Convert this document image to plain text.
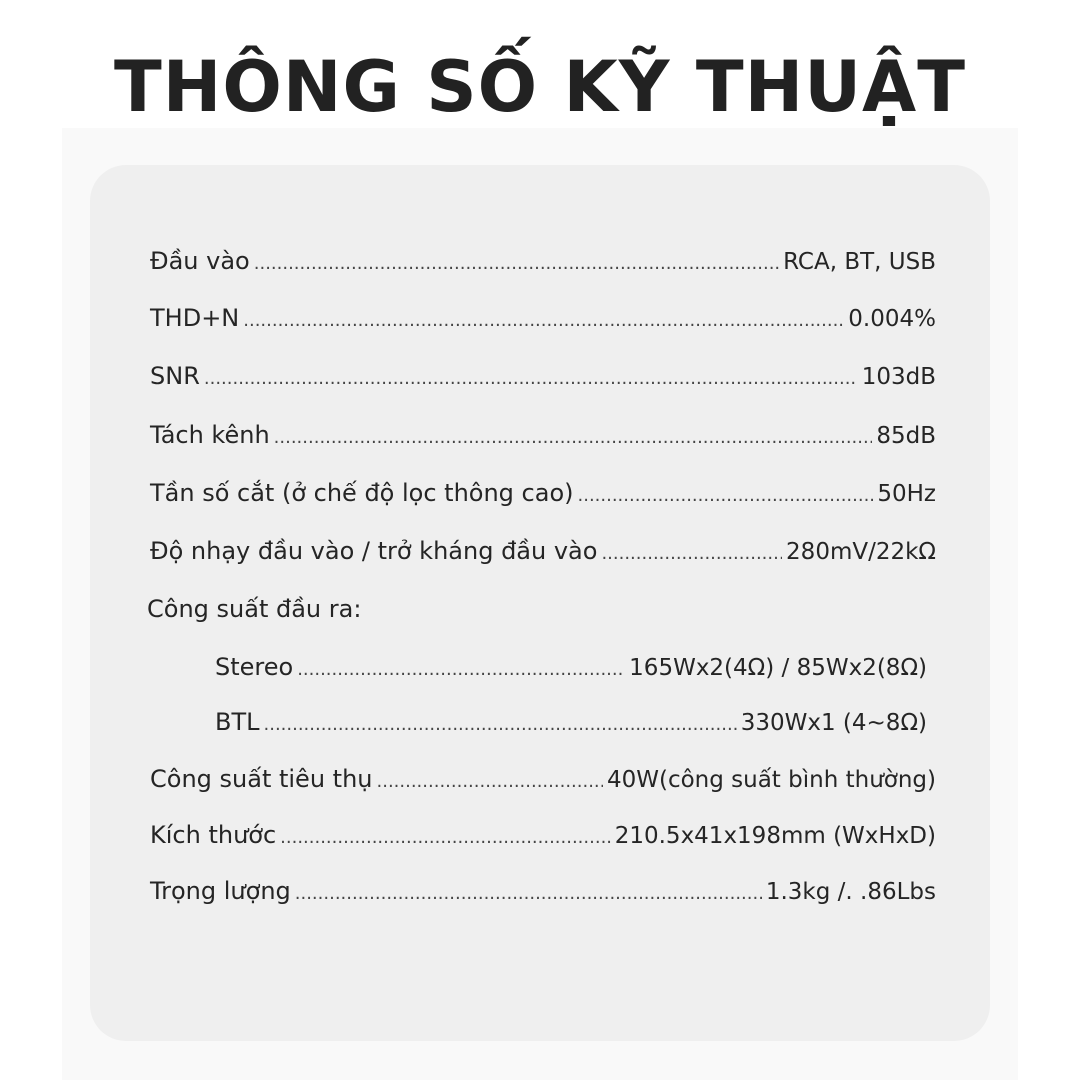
THÔNG SỐ KỸ THUẬT
Đầu vào .....	RCA, BT, USB
THD+N .....	0.004%
SNR .....	103dB
Tách kênh .....	85dB
Tần số cắt (ở chế độ lọc thông cao) .....	50Hz
Độ nhạy đầu vào / trở kháng đầu vào .....	280mV/22kΩ
Công suất đầu ra:
Stereo .....	165Wx2(4Ω) / 85Wx2(8Ω)
BTL .....	330Wx1 (4∼8Ω)
Công suất tiêu thụ .....	40W(công suất bình thường)
Kích thước .....	210.5x41x198mm (WxHxD)
Trọng lượng .....	1.3kg /. .86Lbs
